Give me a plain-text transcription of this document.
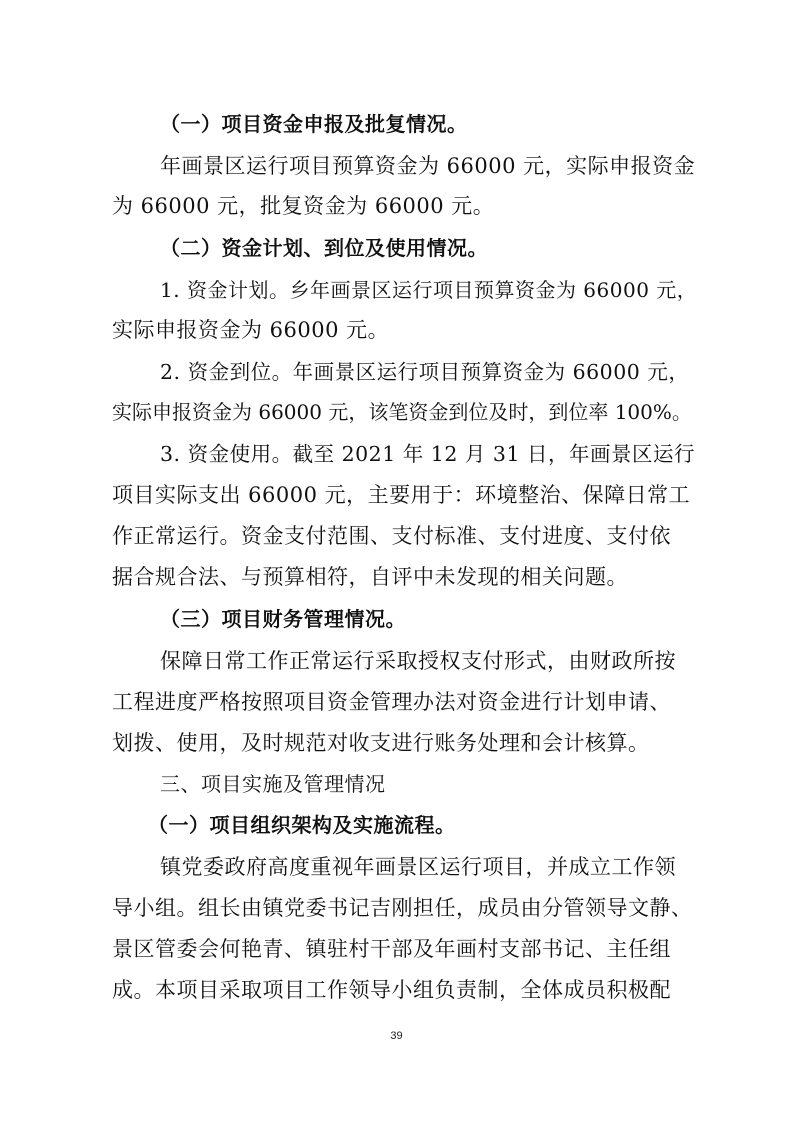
（一）项目资金申报及批复情况。
年画景区运行项目预算资金为 66000 元，实际申报资金
为 66000 元，批复资金为 66000 元。
（二）资金计划、到位及使用情况。
1. 资金计划。乡年画景区运行项目预算资金为 66000 元，
实际申报资金为 66000 元。
2. 资金到位。年画景区运行项目预算资金为 66000 元，
实际申报资金为 66000 元，该笔资金到位及时，到位率 100%。
3. 资金使用。截至 2021 年 12 月 31 日，年画景区运行
项目实际支出 66000 元，主要用于：环境整治、保障日常工
作正常运行。资金支付范围、支付标准、支付进度、支付依
据合规合法、与预算相符，自评中未发现的相关问题。
（三）项目财务管理情况。
保障日常工作正常运行采取授权支付形式，由财政所按
工程进度严格按照项目资金管理办法对资金进行计划申请、
划拨、使用，及时规范对收支进行账务处理和会计核算。
三、项目实施及管理情况
（一）项目组织架构及实施流程。
镇党委政府高度重视年画景区运行项目，并成立工作领
导小组。组长由镇党委书记吉刚担任，成员由分管领导文静、
景区管委会何艳青、镇驻村干部及年画村支部书记、主任组
成。本项目采取项目工作领导小组负责制，全体成员积极配
39
